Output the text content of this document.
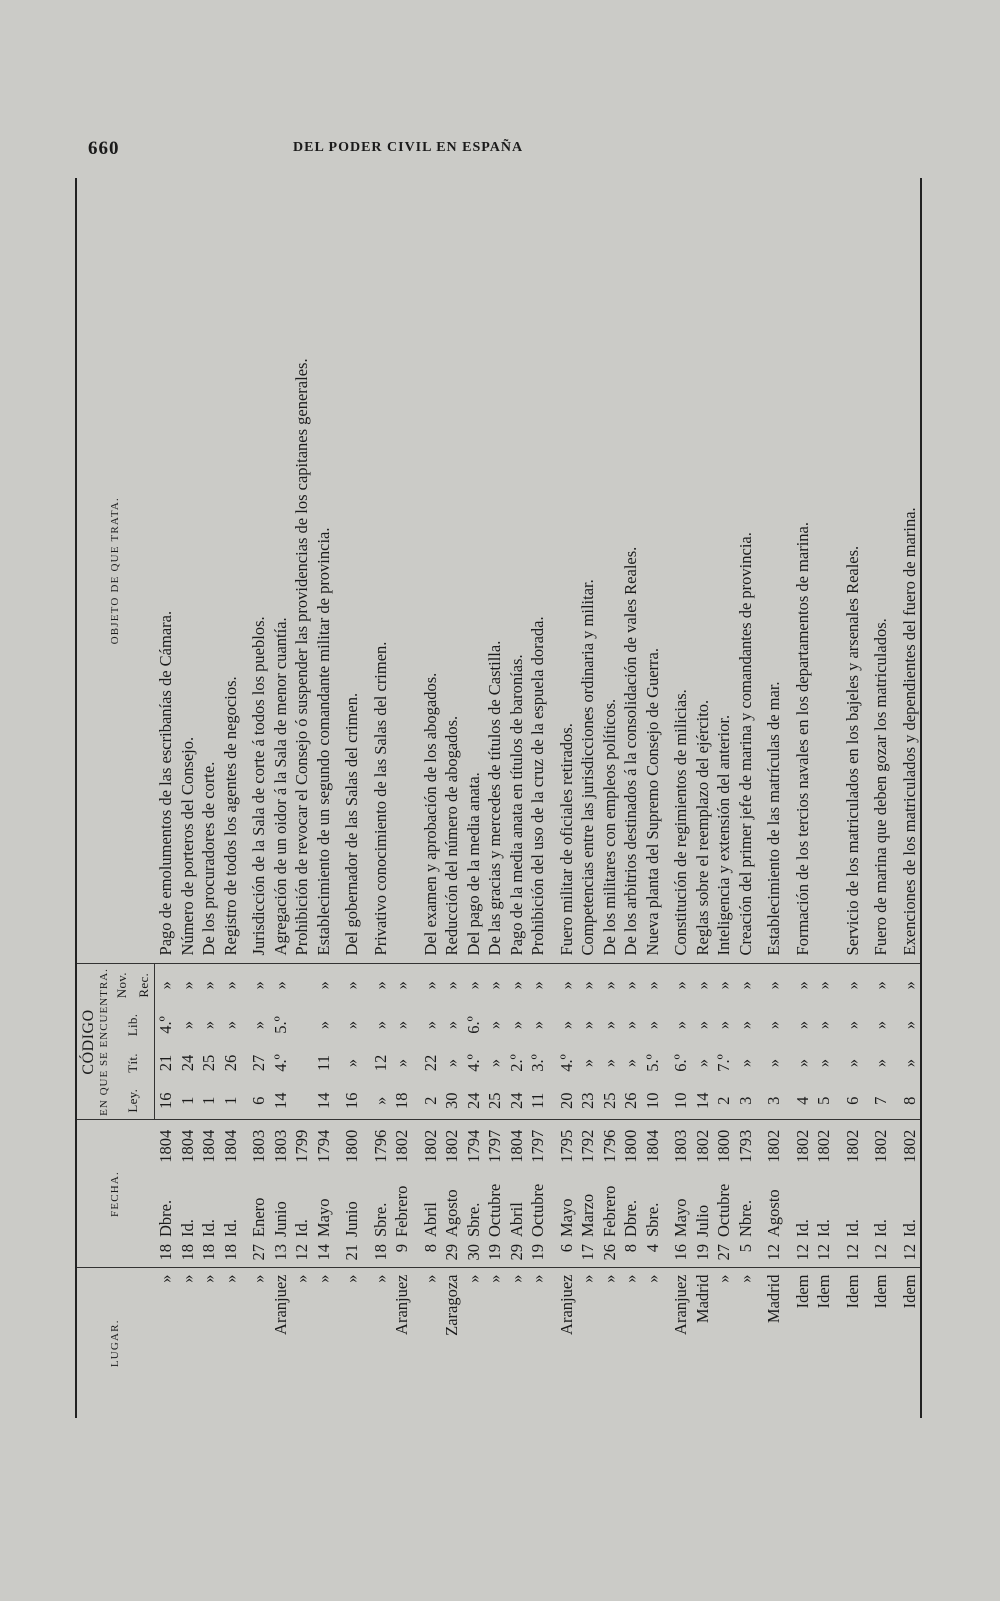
660	DEL PODER CIVIL EN ESPAÑA
LUGAR.	FECHA.			CÓDIGO EN QUE SE ENCUENTRA.				OBJETO DE QUE TRATA.
				Ley.	Tít.	Lib.	Nov. Rec.	
»	18	Dbre.	1804	16	21	4.º	»	Pago de emolumentos de las escribanías de Cámara.
»	18	Id.	1804	1	24	»	»	Número de porteros del Consejo.
»	18	Id.	1804	1	25	»	»	De los procuradores de corte.
»	18	Id.	1804	1	26	»	»	Registro de todos los agentes de negocios.
»	27	Enero	1803	6	27	»	»	Jurisdicción de la Sala de corte á todos los pueblos.
Aranjuez	13	Junio	1803	14	4.º	5.º	»	Agregación de un oidor á la Sala de menor cuantía.
»	12	Id.	1799					Prohibición de revocar el Consejo ó suspender las providencias de los capitanes generales.
»	14	Mayo	1794	14	11	»	»	Establecimiento de un segundo comandante militar de provincia.
»	21	Junio	1800	16	»	»	»	Del gobernador de las Salas del crimen.
»	18	Sbre.	1796	»	12	»	»	Privativo conocimiento de las Salas del crimen.
Aranjuez	9	Febrero	1802	18	»	»	»	
»	8	Abril	1802	2	22	»	»	Del examen y aprobación de los abogados.
Zaragoza	29	Agosto	1802	30	»	»	»	Reducción del número de abogados.
»	30	Sbre.	1794	24	4.º	6.º	»	Del pago de la media anata.
»	19	Octubre	1797	25	»	»	»	De las gracias y mercedes de títulos de Castilla.
»	29	Abril	1804	24	2.º	»	»	Pago de la media anata en títulos de baronías.
»	19	Octubre	1797	11	3.º	»	»	Prohibición del uso de la cruz de la espuela dorada.
Aranjuez	6	Mayo	1795	20	4.º	»	»	Fuero militar de oficiales retirados.
»	17	Marzo	1792	23	»	»	»	Competencias entre las jurisdicciones ordinaria y militar.
»	26	Febrero	1796	25	»	»	»	De los militares con empleos políticos.
»	8	Dbre.	1800	26	»	»	»	De los arbitrios destinados á la consolidación de vales Reales.
»	4	Sbre.	1804	10	5.º	»	»	Nueva planta del Supremo Consejo de Guerra.
Aranjuez	16	Mayo	1803	10	6.º	»	»	Constitución de regimientos de milicias.
Madrid	19	Julio	1802	14	»	»	»	Reglas sobre el reemplazo del ejército.
»	27	Octubre	1800	2	7.º	»	»	Inteligencia y extensión del anterior.
»	5	Nbre.	1793	3	»	»	»	Creación del primer jefe de marina y comandantes de provincia.
Madrid	12	Agosto	1802	3	»	»	»	Establecimiento de las matrículas de mar.
Idem	12	Id.	1802	4	»	»	»	Formación de los tercios navales en los departamentos de marina.
Idem	12	Id.	1802	5	»	»	»	
Idem	12	Id.	1802	6	»	»	»	Servicio de los matriculados en los bajeles y arsenales Reales.
Idem	12	Id.	1802	7	»	»	»	Fuero de marina que deben gozar los matriculados.
Idem	12	Id.	1802	8	»	»	»	Exenciones de los matriculados y dependientes del fuero de marina.
